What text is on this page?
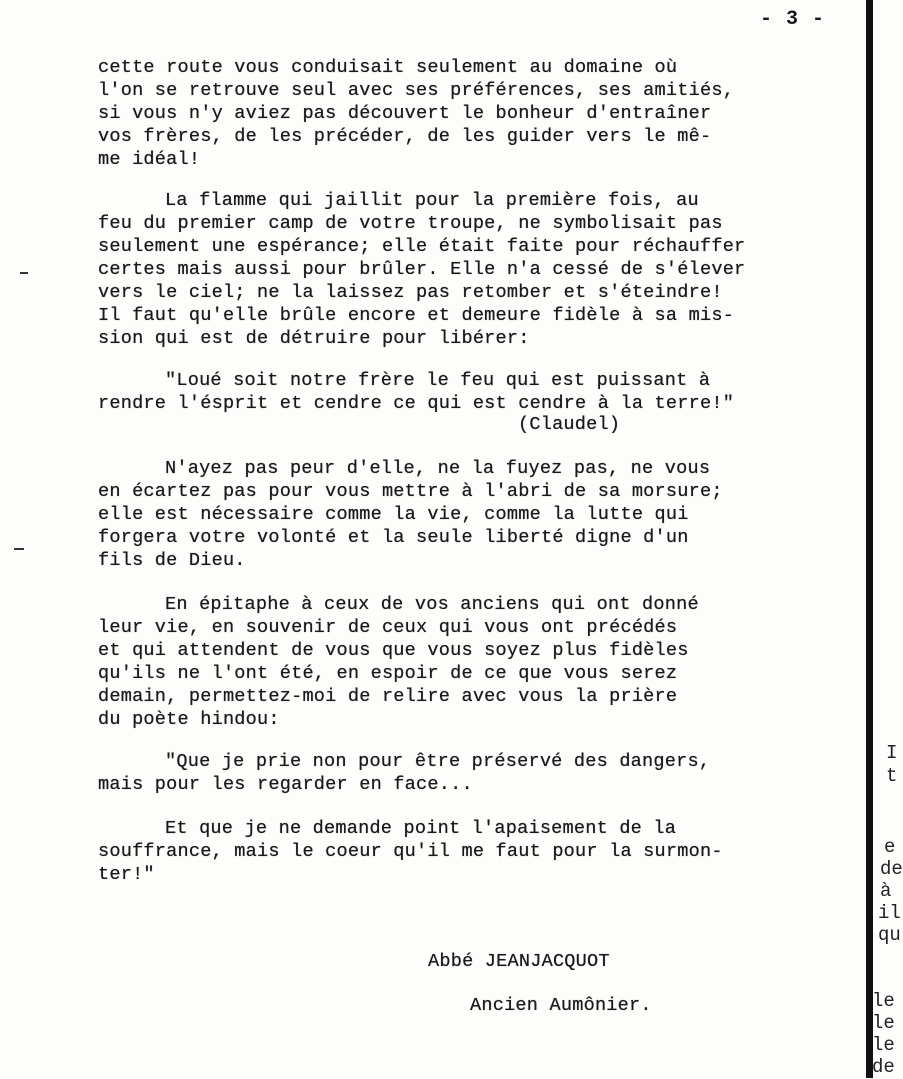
- 3 -
cette route vous conduisait seulement au domaine où
l'on se retrouve seul avec ses préférences, ses amitiés,
si vous n'y aviez pas découvert le bonheur d'entraîner
vos frères, de les précéder, de les guider vers le mê-
me idéal!
La flamme qui jaillit pour la première fois, au
feu du premier camp de votre troupe, ne symbolisait pas
seulement une espérance; elle était faite pour réchauffer
certes mais aussi pour brûler. Elle n'a cessé de s'élever
vers le ciel; ne la laissez pas retomber et s'éteindre!
Il faut qu'elle brûle encore et demeure fidèle à sa mis-
sion qui est de détruire pour libérer:
"Loué soit notre frère le feu qui est puissant à
rendre l'ésprit et cendre ce qui est cendre à la terre!"
(Claudel)
N'ayez pas peur d'elle, ne la fuyez pas, ne vous
en écartez pas pour vous mettre à l'abri de sa morsure;
elle est nécessaire comme la vie, comme la lutte qui
forgera votre volonté et la seule liberté digne d'un
fils de Dieu.
En épitaphe à ceux de vos anciens qui ont donné
leur vie, en souvenir de ceux qui vous ont précédés
et qui attendent de vous que vous soyez plus fidèles
qu'ils ne l'ont été, en espoir de ce que vous serez
demain, permettez-moi de relire avec vous la prière
du poète hindou:
"Que je prie non pour être préservé des dangers,
mais pour les regarder en face...
Et que je ne demande point l'apaisement de la
souffrance, mais le coeur qu'il me faut pour la surmon-
ter!"
Abbé JEANJACQUOT
Ancien Aumônier.
I
t
e
de
à
il
qu
le
le
le
de
